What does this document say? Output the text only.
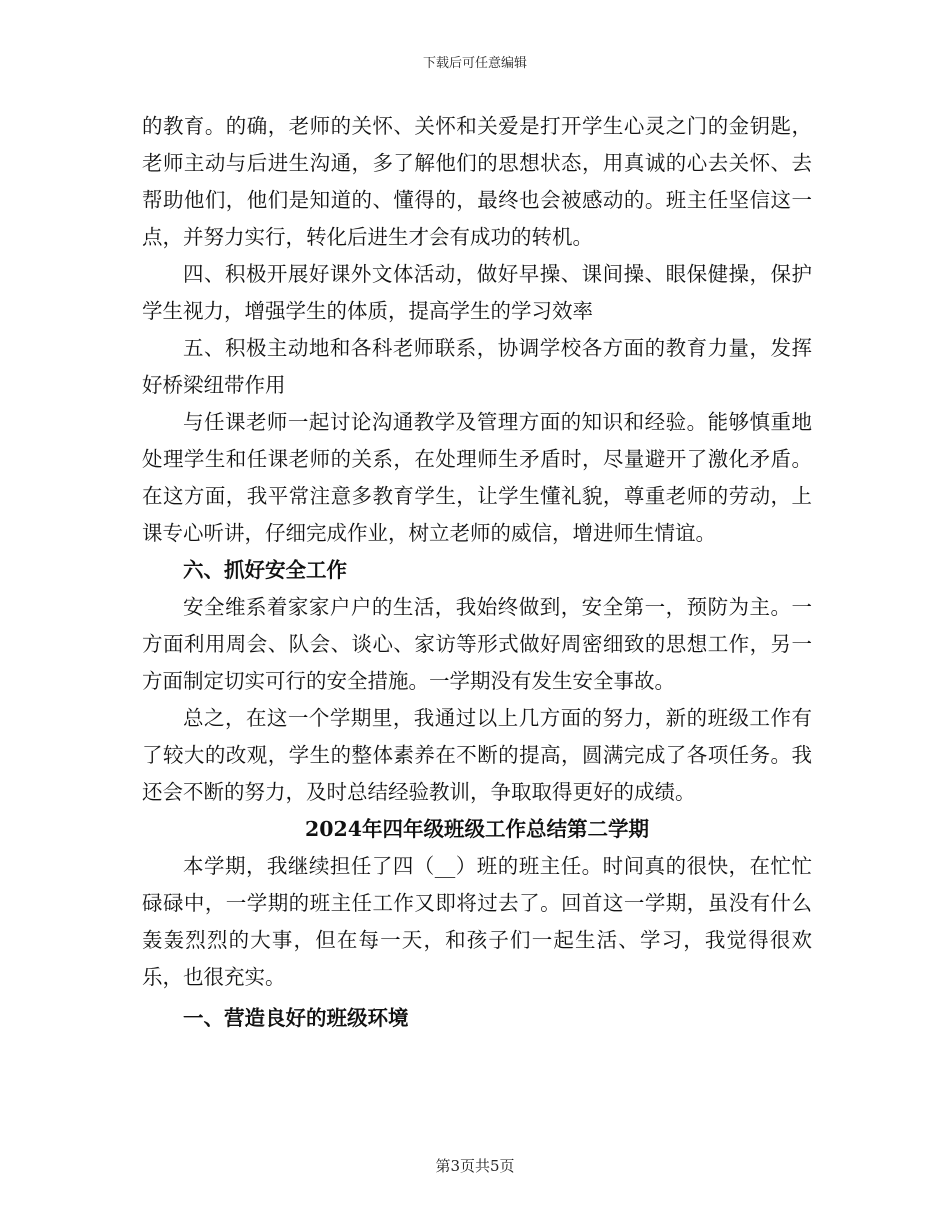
下载后可任意编辑

的教育。的确，老师的关怀、关怀和关爱是打开学生心灵之门的金钥匙，老师主动与后进生沟通，多了解他们的思想状态，用真诚的心去关怀、去帮助他们，他们是知道的、懂得的，最终也会被感动的。班主任坚信这一点，并努力实行，转化后进生才会有成功的转机。

四、积极开展好课外文体活动，做好早操、课间操、眼保健操，保护学生视力，增强学生的体质，提高学生的学习效率

五、积极主动地和各科老师联系，协调学校各方面的教育力量，发挥好桥梁纽带作用

与任课老师一起讨论沟通教学及管理方面的知识和经验。能够慎重地处理学生和任课老师的关系，在处理师生矛盾时，尽量避开了激化矛盾。在这方面，我平常注意多教育学生，让学生懂礼貌，尊重老师的劳动，上课专心听讲，仔细完成作业，树立老师的威信，增进师生情谊。

六、抓好安全工作

安全维系着家家户户的生活，我始终做到，安全第一，预防为主。一方面利用周会、队会、谈心、家访等形式做好周密细致的思想工作，另一方面制定切实可行的安全措施。一学期没有发生安全事故。

总之，在这一个学期里，我通过以上几方面的努力，新的班级工作有了较大的改观，学生的整体素养在不断的提高，圆满完成了各项任务。我还会不断的努力，及时总结经验教训，争取取得更好的成绩。

2024年四年级班级工作总结第二学期

本学期，我继续担任了四（__）班的班主任。时间真的很快，在忙忙碌碌中，一学期的班主任工作又即将过去了。回首这一学期，虽没有什么轰轰烈烈的大事，但在每一天，和孩子们一起生活、学习，我觉得很欢乐，也很充实。

一、营造良好的班级环境

第3页共5页
